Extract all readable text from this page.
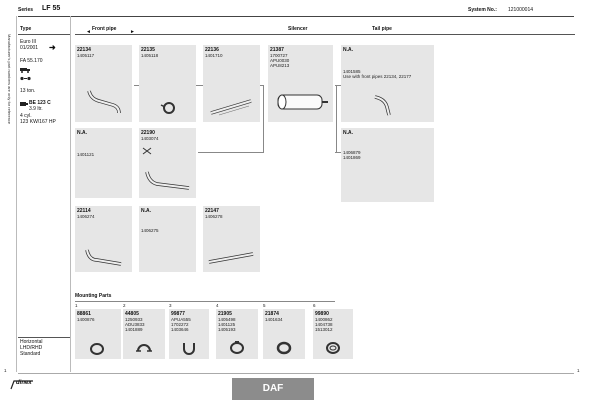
Series LF 55	System No.: 121000014
Manufacturer's part numbers are only for reference
Type
Euro III
01/2001 ➜
FA 55.170
13 ton.
BE 123 C
3.9 ltr.
4 cyl.
123 KW/167 HP
Horizontal
LHD/RHD
Standard
Front pipe	Silencer	Tail pipe
◄	►
22134
1405117
22135
1405118
22136
1401710
21387
1700727
APU0030
APU8213
N.A.
1401585
Use with front pipes 22134, 22177
N.A.
1401121
22190
1403074
N.A.
1406879
1401869
22114
1406274
N.A.
1406275
22147
1406278
Mounting Parts
1
88861
1400876
2
44805
1250933
ADU3833
1401889
3
99877
APUA555
1702272
1403646
4
21905
1405498
1401125
1405193
5
21874
1401634
6
99890
1400862
1404738
1513012
1	1
dinex	DAF
